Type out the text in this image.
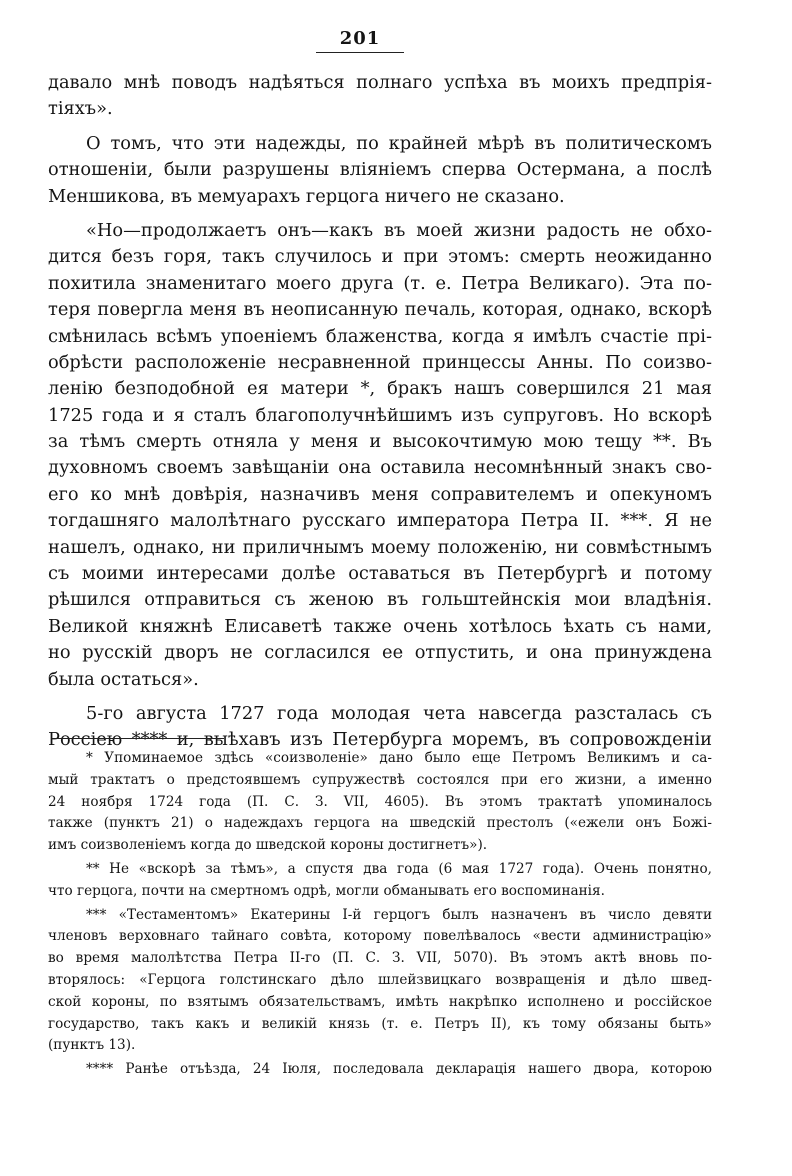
201
давало мнѣ поводъ надѣяться полнаго успѣха въ моихъ предпрія-
тіяхъ».
О томъ, что эти надежды, по крайней мѣрѣ въ политическомъ
отношеніи, были разрушены вліяніемъ сперва Остермана, а послѣ
Меншикова, въ мемуарахъ герцога ничего не сказано.
«Но—продолжаетъ онъ—какъ въ моей жизни радость не обхо-
дится безъ горя, такъ случилось и при этомъ: смерть неожиданно
похитила знаменитаго моего друга (т. е. Петра Великаго). Эта по-
теря повергла меня въ неописанную печаль, которая, однако, вскорѣ
смѣнилась всѣмъ упоеніемъ блаженства, когда я имѣлъ счастіе прі-
обрѣсти расположеніе несравненной принцессы Анны. По соизво-
ленію безподобной ея матери *, бракъ нашъ совершился 21 мая
1725 года и я сталъ благополучнѣйшимъ изъ супруговъ. Но вскорѣ
за тѣмъ смерть отняла у меня и высокочтимую мою тещу **. Въ
духовномъ своемъ завѣщаніи она оставила несомнѣнный знакъ сво-
его ко мнѣ довѣрія, назначивъ меня соправителемъ и опекуномъ
тогдашняго малолѣтнаго русскаго императора Петра II. ***. Я не
нашелъ, однако, ни приличнымъ моему положенію, ни совмѣстнымъ
съ моими интересами долѣе оставаться въ Петербургѣ и потому
рѣшился отправиться съ женою въ гольштейнскія мои владѣнія.
Великой княжнѣ Елисаветѣ также очень хотѣлось ѣхать съ нами,
но русскій дворъ не согласился ее отпустить, и она принуждена
была остаться».
5-го августа 1727 года молодая чета навсегда разсталась съ
Россіею **** и, выѣхавъ изъ Петербурга моремъ, въ сопровожденіи
* Упоминаемое здѣсь «соизволеніе» дано было еще Петромъ Великимъ и са-
мый трактатъ о предстоявшемъ супружествѣ состоялся при его жизни, а именно
24 ноября 1724 года (П. С. З. VII, 4605). Въ этомъ трактатѣ упоминалось
также (пунктъ 21) о надеждахъ герцога на шведскій престолъ («ежели онъ Божі-
имъ соизволеніемъ когда до шведской короны достигнетъ»).
** Не «вскорѣ за тѣмъ», а спустя два года (6 мая 1727 года). Очень понятно,
что герцога, почти на смертномъ одрѣ, могли обманывать его воспоминанія.
*** «Тестаментомъ» Екатерины I-й герцогъ былъ назначенъ въ число девяти
членовъ верховнаго тайнаго совѣта, которому повелѣвалось «вести администрацію»
во время малолѣтства Петра II-го (П. С. З. VII, 5070). Въ этомъ актѣ вновь по-
вторялось: «Герцога голстинскаго дѣло шлейзвицкаго возвращенія и дѣло швед-
ской короны, по взятымъ обязательствамъ, имѣть накрѣпко исполнено и россійское
государство, такъ какъ и великій князь (т. е. Петръ II), къ тому обязаны быть»
(пунктъ 13).
**** Ранѣе отъѣзда, 24 Іюля, последовала декларація нашего двора, которою
